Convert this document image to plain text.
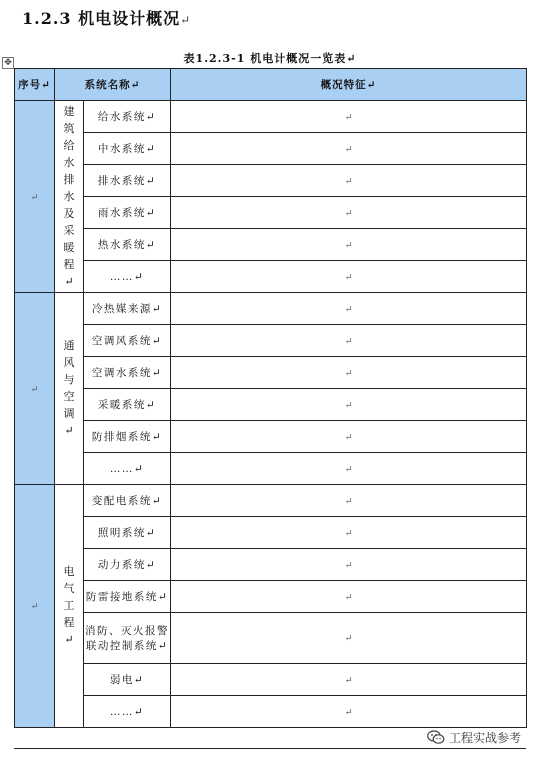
1.2.3 机电设计概况↵
✥	表1.2.3-1 机电计概况一览表↵
序号↵	系统名称↵		概况特征↵
↵	建筑给水排水及采暖程↵	给水系统↵	↵
		中水系统↵	↵
		排水系统↵	↵
		雨水系统↵	↵
		热水系统↵	↵
		……↵	↵
↵	通风与空调↵	冷热媒来源↵	↵
		空调风系统↵	↵
		空调水系统↵	↵
		采暖系统↵	↵
		防排烟系统↵	↵
		……↵	↵
↵	电气工程↵	变配电系统↵	↵
		照明系统↵	↵
		动力系统↵	↵
		防雷接地系统↵	↵
		消防、灭火报警联动控制系统↵	↵
		弱电↵	↵
		……↵	↵
工程实战参考
